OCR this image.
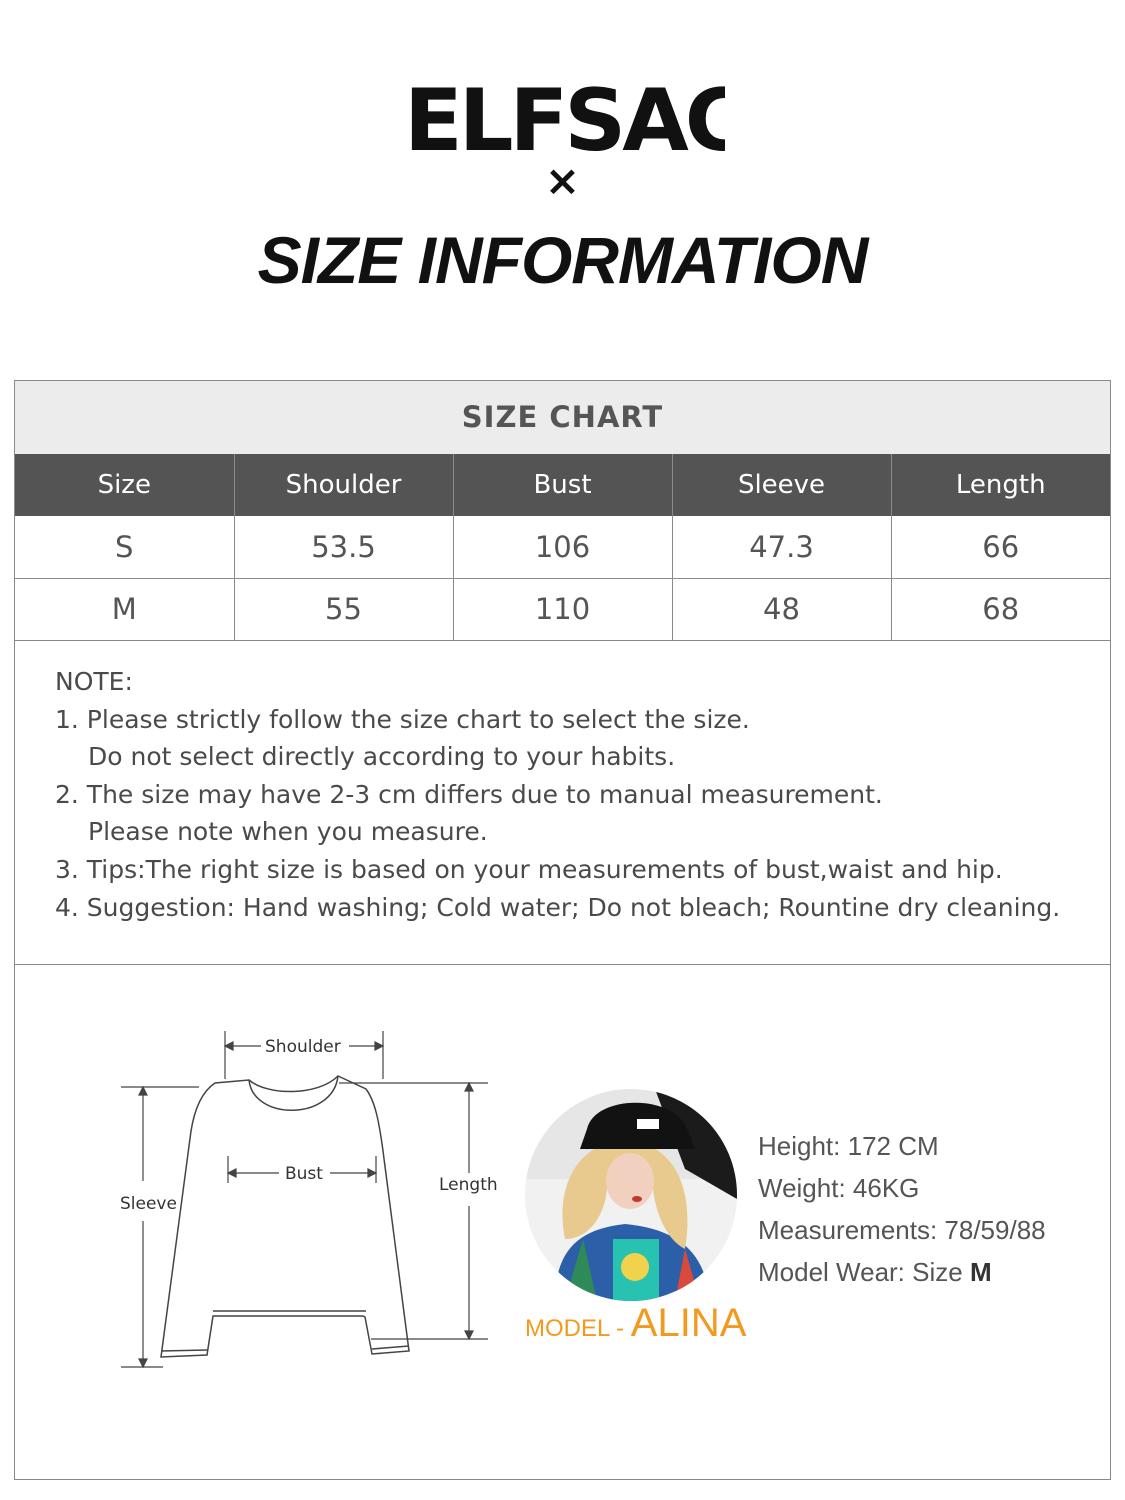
ELFSAC
×
SIZE INFORMATION
SIZE CHART
Size	Shoulder	Bust	Sleeve	Length
S	53.5	106	47.3	66
M	55	110	48	68
NOTE:
1. Please strictly follow the size chart to select the size.
Do not select directly according to your habits.
2. The size may have 2-3 cm differs due to manual measurement.
Please note when you measure.
3. Tips:The right size is based on your measurements of bust,waist and hip.
4. Suggestion: Hand washing; Cold water; Do not bleach; Rountine dry cleaning.
Shoulder
Bust
Sleeve
Length
MODEL - ALINA
Height: 172 CM
Weight: 46KG
Measurements: 78/59/88
Model Wear: Size M
